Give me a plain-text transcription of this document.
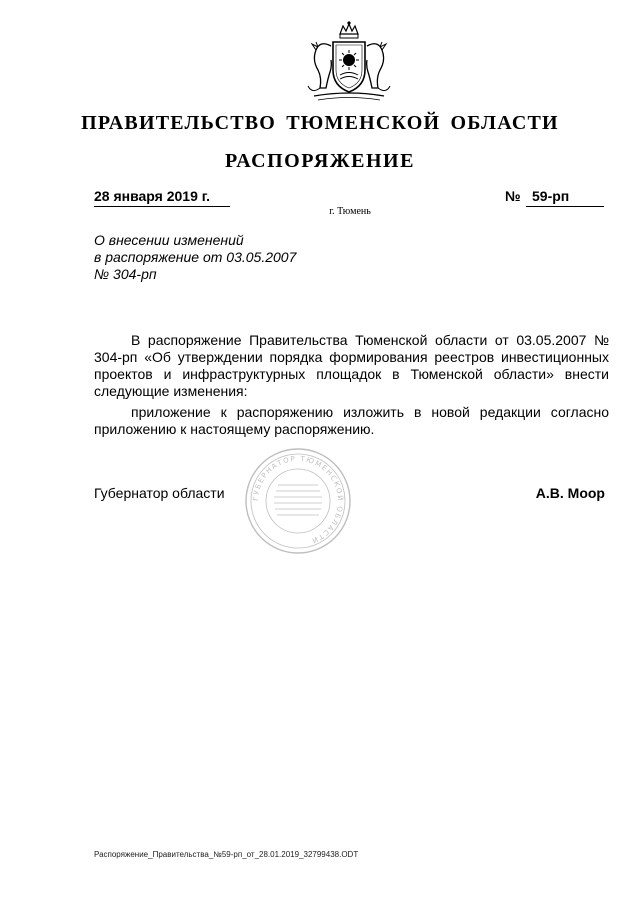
ПРАВИТЕЛЬСТВО ТЮМЕНСКОЙ ОБЛАСТИ
РАСПОРЯЖЕНИЕ
28 января 2019 г.
г. Тюмень
№ 59-рп
О внесении изменений
в распоряжение от 03.05.2007
№ 304-рп

В распоряжение Правительства Тюменской области от 03.05.2007 № 304-рп «Об утверждении порядка формирования реестров инвестиционных проектов и инфраструктурных площадок в Тюменской области» внести следующие изменения:

приложение к распоряжению изложить в новой редакции согласно приложению к настоящему распоряжению.

ГУБЕРНАТОР ТЮМЕНСКОЙ ОБЛАСТИ
Губернатор области	А.В. Моор
Распоряжение_Правительства_№59-рп_от_28.01.2019_32799438.ODT
